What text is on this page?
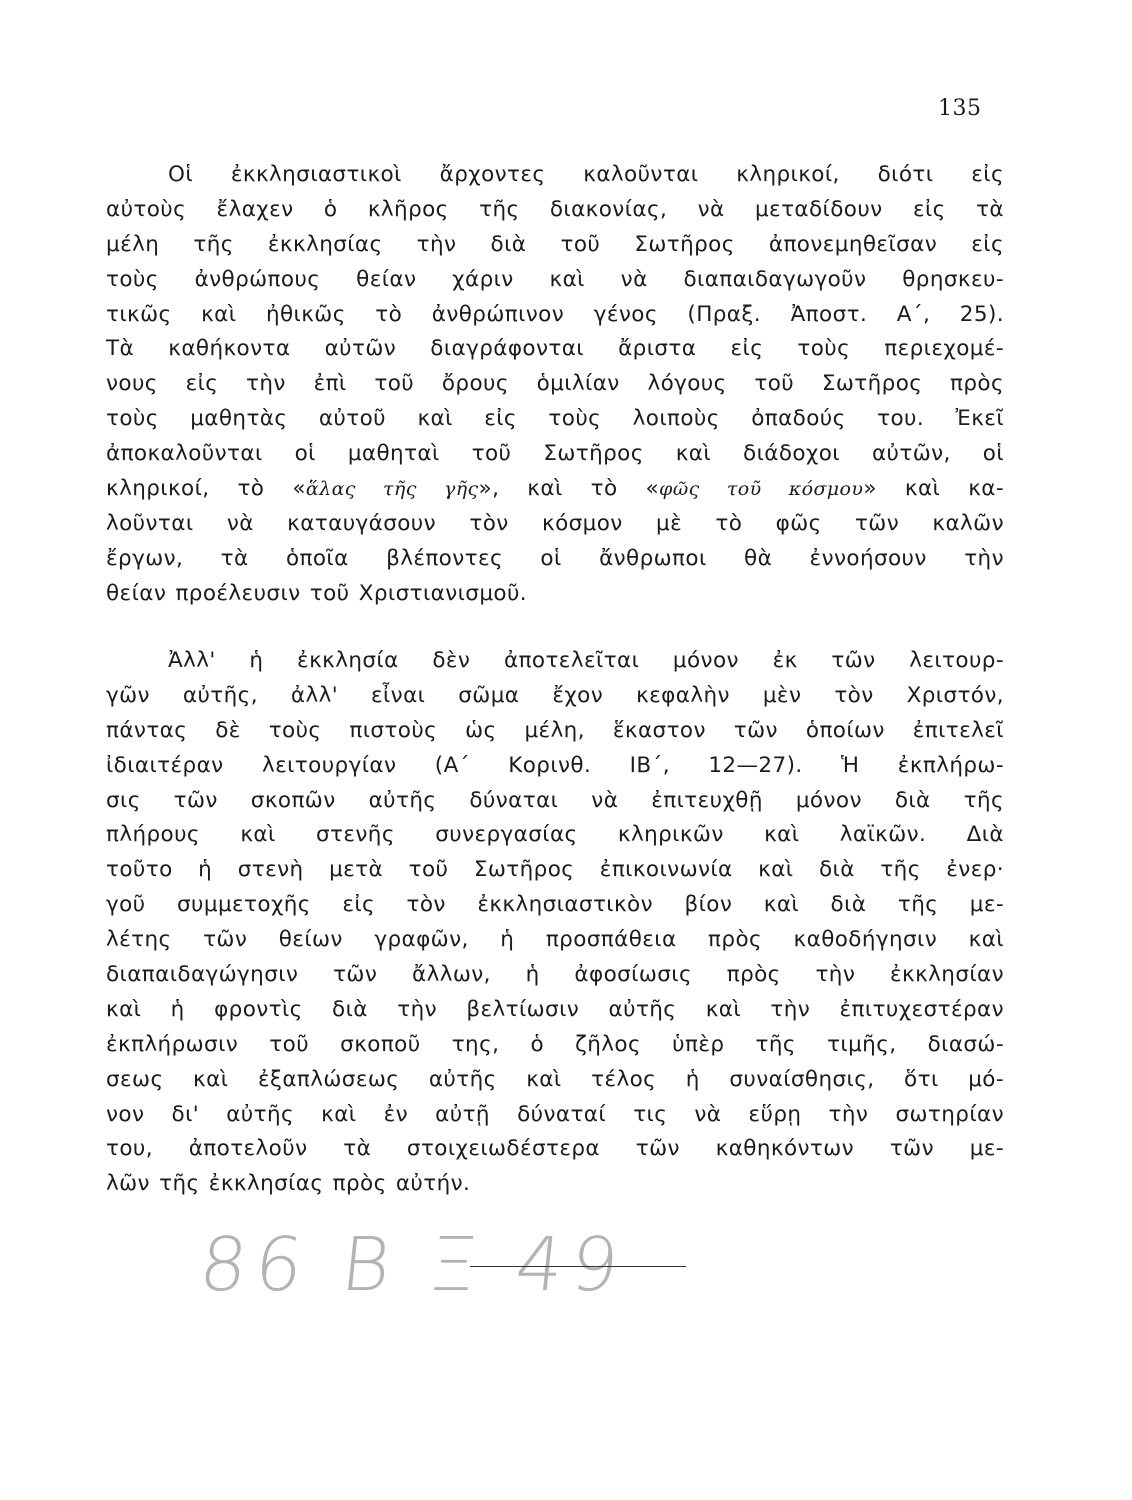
135
Οἱ ἐκκλησιαστικοὶ ἄρχοντες καλοῦνται κληρικοί, διότι εἰς
αὐτοὺς ἔλαχεν ὁ κλῆρος τῆς διακονίας, νὰ μεταδίδουν εἰς τὰ
μέλη τῆς ἐκκλησίας τὴν διὰ τοῦ Σωτῆρος ἀπονεμηθεῖσαν εἰς
τοὺς ἀνθρώπους θείαν χάριν καὶ νὰ διαπαιδαγωγοῦν θρησκευ-
τικῶς καὶ ἠθικῶς τὸ ἀνθρώπινον γένος (Πραξ. Ἀποστ. Α΄, 25).
Τὰ καθήκοντα αὐτῶν διαγράφονται ἄριστα εἰς τοὺς περιεχομέ-
νους εἰς τὴν ἐπὶ τοῦ ὄρους ὁμιλίαν λόγους τοῦ Σωτῆρος πρὸς
τοὺς μαθητὰς αὐτοῦ καὶ εἰς τοὺς λοιποὺς ὀπαδούς του. Ἐκεῖ
ἀποκαλοῦνται οἱ μαθηταὶ τοῦ Σωτῆρος καὶ διάδοχοι αὐτῶν, οἱ
κληρικοί, τὸ «ἅλας τῆς γῆς», καὶ τὸ «φῶς τοῦ κόσμου» καὶ κα-
λοῦνται νὰ καταυγάσουν τὸν κόσμον μὲ τὸ φῶς τῶν καλῶν
ἔργων, τὰ ὁποῖα βλέποντες οἱ ἄνθρωποι θὰ ἐννοήσουν τὴν
θείαν προέλευσιν τοῦ Χριστιανισμοῦ.
Ἀλλ' ἡ ἐκκλησία δὲν ἀποτελεῖται μόνον ἐκ τῶν λειτουρ-
γῶν αὐτῆς, ἀλλ' εἶναι σῶμα ἔχον κεφαλὴν μὲν τὸν Χριστόν,
πάντας δὲ τοὺς πιστοὺς ὡς μέλη, ἕκαστον τῶν ὁποίων ἐπιτελεῖ
ἰδιαιτέραν λειτουργίαν (Α΄ Κορινθ. ΙΒ΄, 12—27). Ἡ ἐκπλήρω-
σις τῶν σκοπῶν αὐτῆς δύναται νὰ ἐπιτευχθῇ μόνον διὰ τῆς
πλήρους καὶ στενῆς συνεργασίας κληρικῶν καὶ λαϊκῶν. Διὰ
τοῦτο ἡ στενὴ μετὰ τοῦ Σωτῆρος ἐπικοινωνία καὶ διὰ τῆς ἐνερ·
γοῦ συμμετοχῆς εἰς τὸν ἐκκλησιαστικὸν βίον καὶ διὰ τῆς με-
λέτης τῶν θείων γραφῶν, ἡ προσπάθεια πρὸς καθοδήγησιν καὶ
διαπαιδαγώγησιν τῶν ἄλλων, ἡ ἀφοσίωσις πρὸς τὴν ἐκκλησίαν
καὶ ἡ φροντὶς διὰ τὴν βελτίωσιν αὐτῆς καὶ τὴν ἐπιτυχεστέραν
ἐκπλήρωσιν τοῦ σκοποῦ της, ὁ ζῆλος ὑπὲρ τῆς τιμῆς, διασώ-
σεως καὶ ἐξαπλώσεως αὐτῆς καὶ τέλος ἡ συναίσθησις, ὅτι μό-
νον δι' αὐτῆς καὶ ἐν αὐτῇ δύναταί τις νὰ εὕρῃ τὴν σωτηρίαν
του, ἀποτελοῦν τὰ στοιχειωδέστερα τῶν καθηκόντων τῶν με-
λῶν τῆς ἐκκλησίας πρὸς αὐτήν.
86 Β Ξ 49
